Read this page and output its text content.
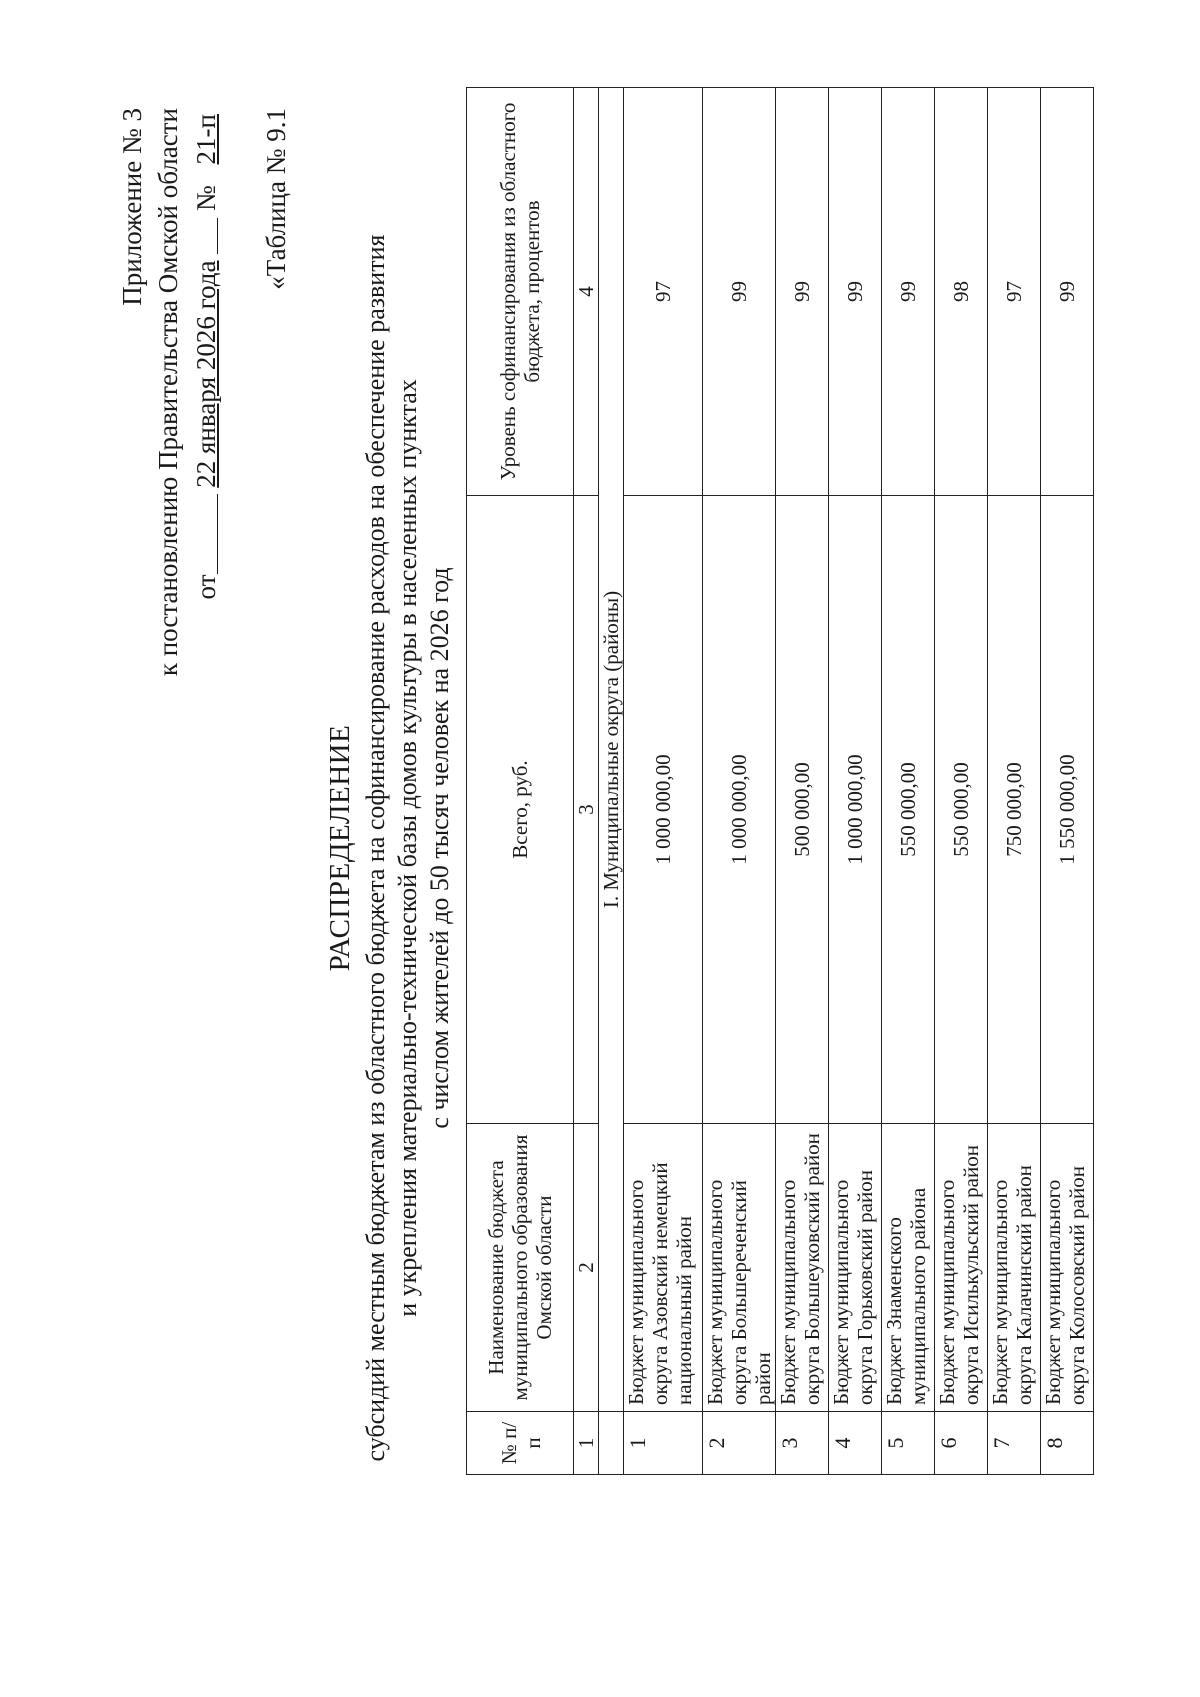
Приложение № 3 к постановлению Правительства Омской области от 22 января 2026 года  № 21-п «Таблица № 9.1
РАСПРЕДЕЛЕНИЕ субсидий местным бюджетам из областного бюджета на софинансирование расходов на обеспечение развития и укрепления материально-технической базы домов культуры в населенных пунктах с числом жителей до 50 тысяч человек на 2026 год
№ п/п	Наименование бюджета муниципального образования Омской области	Всего, руб.	Уровень софинансирования из областного бюджета, процентов
1	2	3	4
	I. Муниципальные округа (районы)		
1	Бюджет муниципального округа Азовский немецкий национальный район	1 000 000,00	97
2	Бюджет муниципального округа Большереченский район	1 000 000,00	99
3	Бюджет муниципального округа Большеуковский район	500 000,00	99
4	Бюджет муниципального округа Горьковский район	1 000 000,00	99
5	Бюджет Знаменского муниципального района	550 000,00	99
6	Бюджет муниципального округа Исилькульский район	550 000,00	98
7	Бюджет муниципального округа Калачинский район	750 000,00	97
8	Бюджет муниципального округа Колосовский район	1 550 000,00	99
